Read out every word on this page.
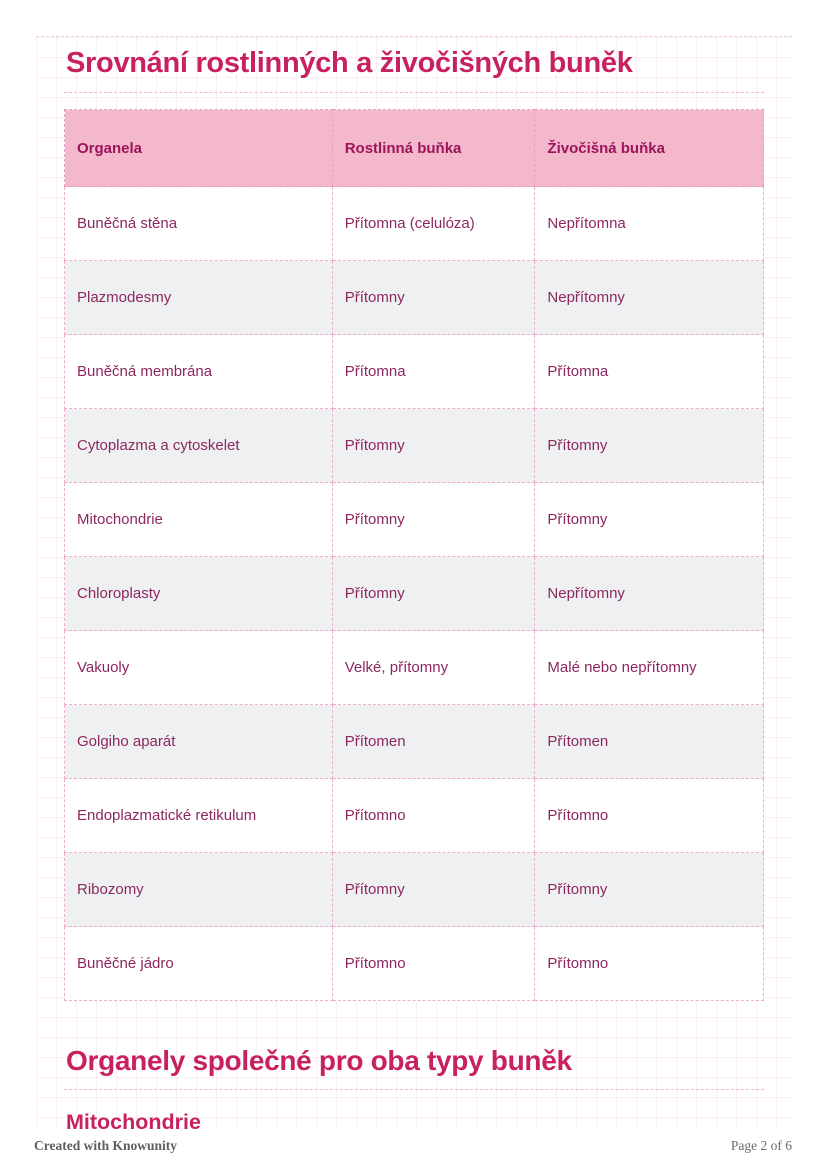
Srovnání rostlinných a živočišných buněk
Organela	Rostlinná buňka	Živočišná buňka
Buněčná stěna	Přítomna (celulóza)	Nepřítomna
Plazmodesmy	Přítomny	Nepřítomny
Buněčná membrána	Přítomna	Přítomna
Cytoplazma a cytoskelet	Přítomny	Přítomny
Mitochondrie	Přítomny	Přítomny
Chloroplasty	Přítomny	Nepřítomny
Vakuoly	Velké, přítomny	Malé nebo nepřítomny
Golgiho aparát	Přítomen	Přítomen
Endoplazmatické retikulum	Přítomno	Přítomno
Ribozomy	Přítomny	Přítomny
Buněčné jádro	Přítomno	Přítomno
Organely společné pro oba typy buněk
Mitochondrie
Created with Knowunity	Page 2 of 6
